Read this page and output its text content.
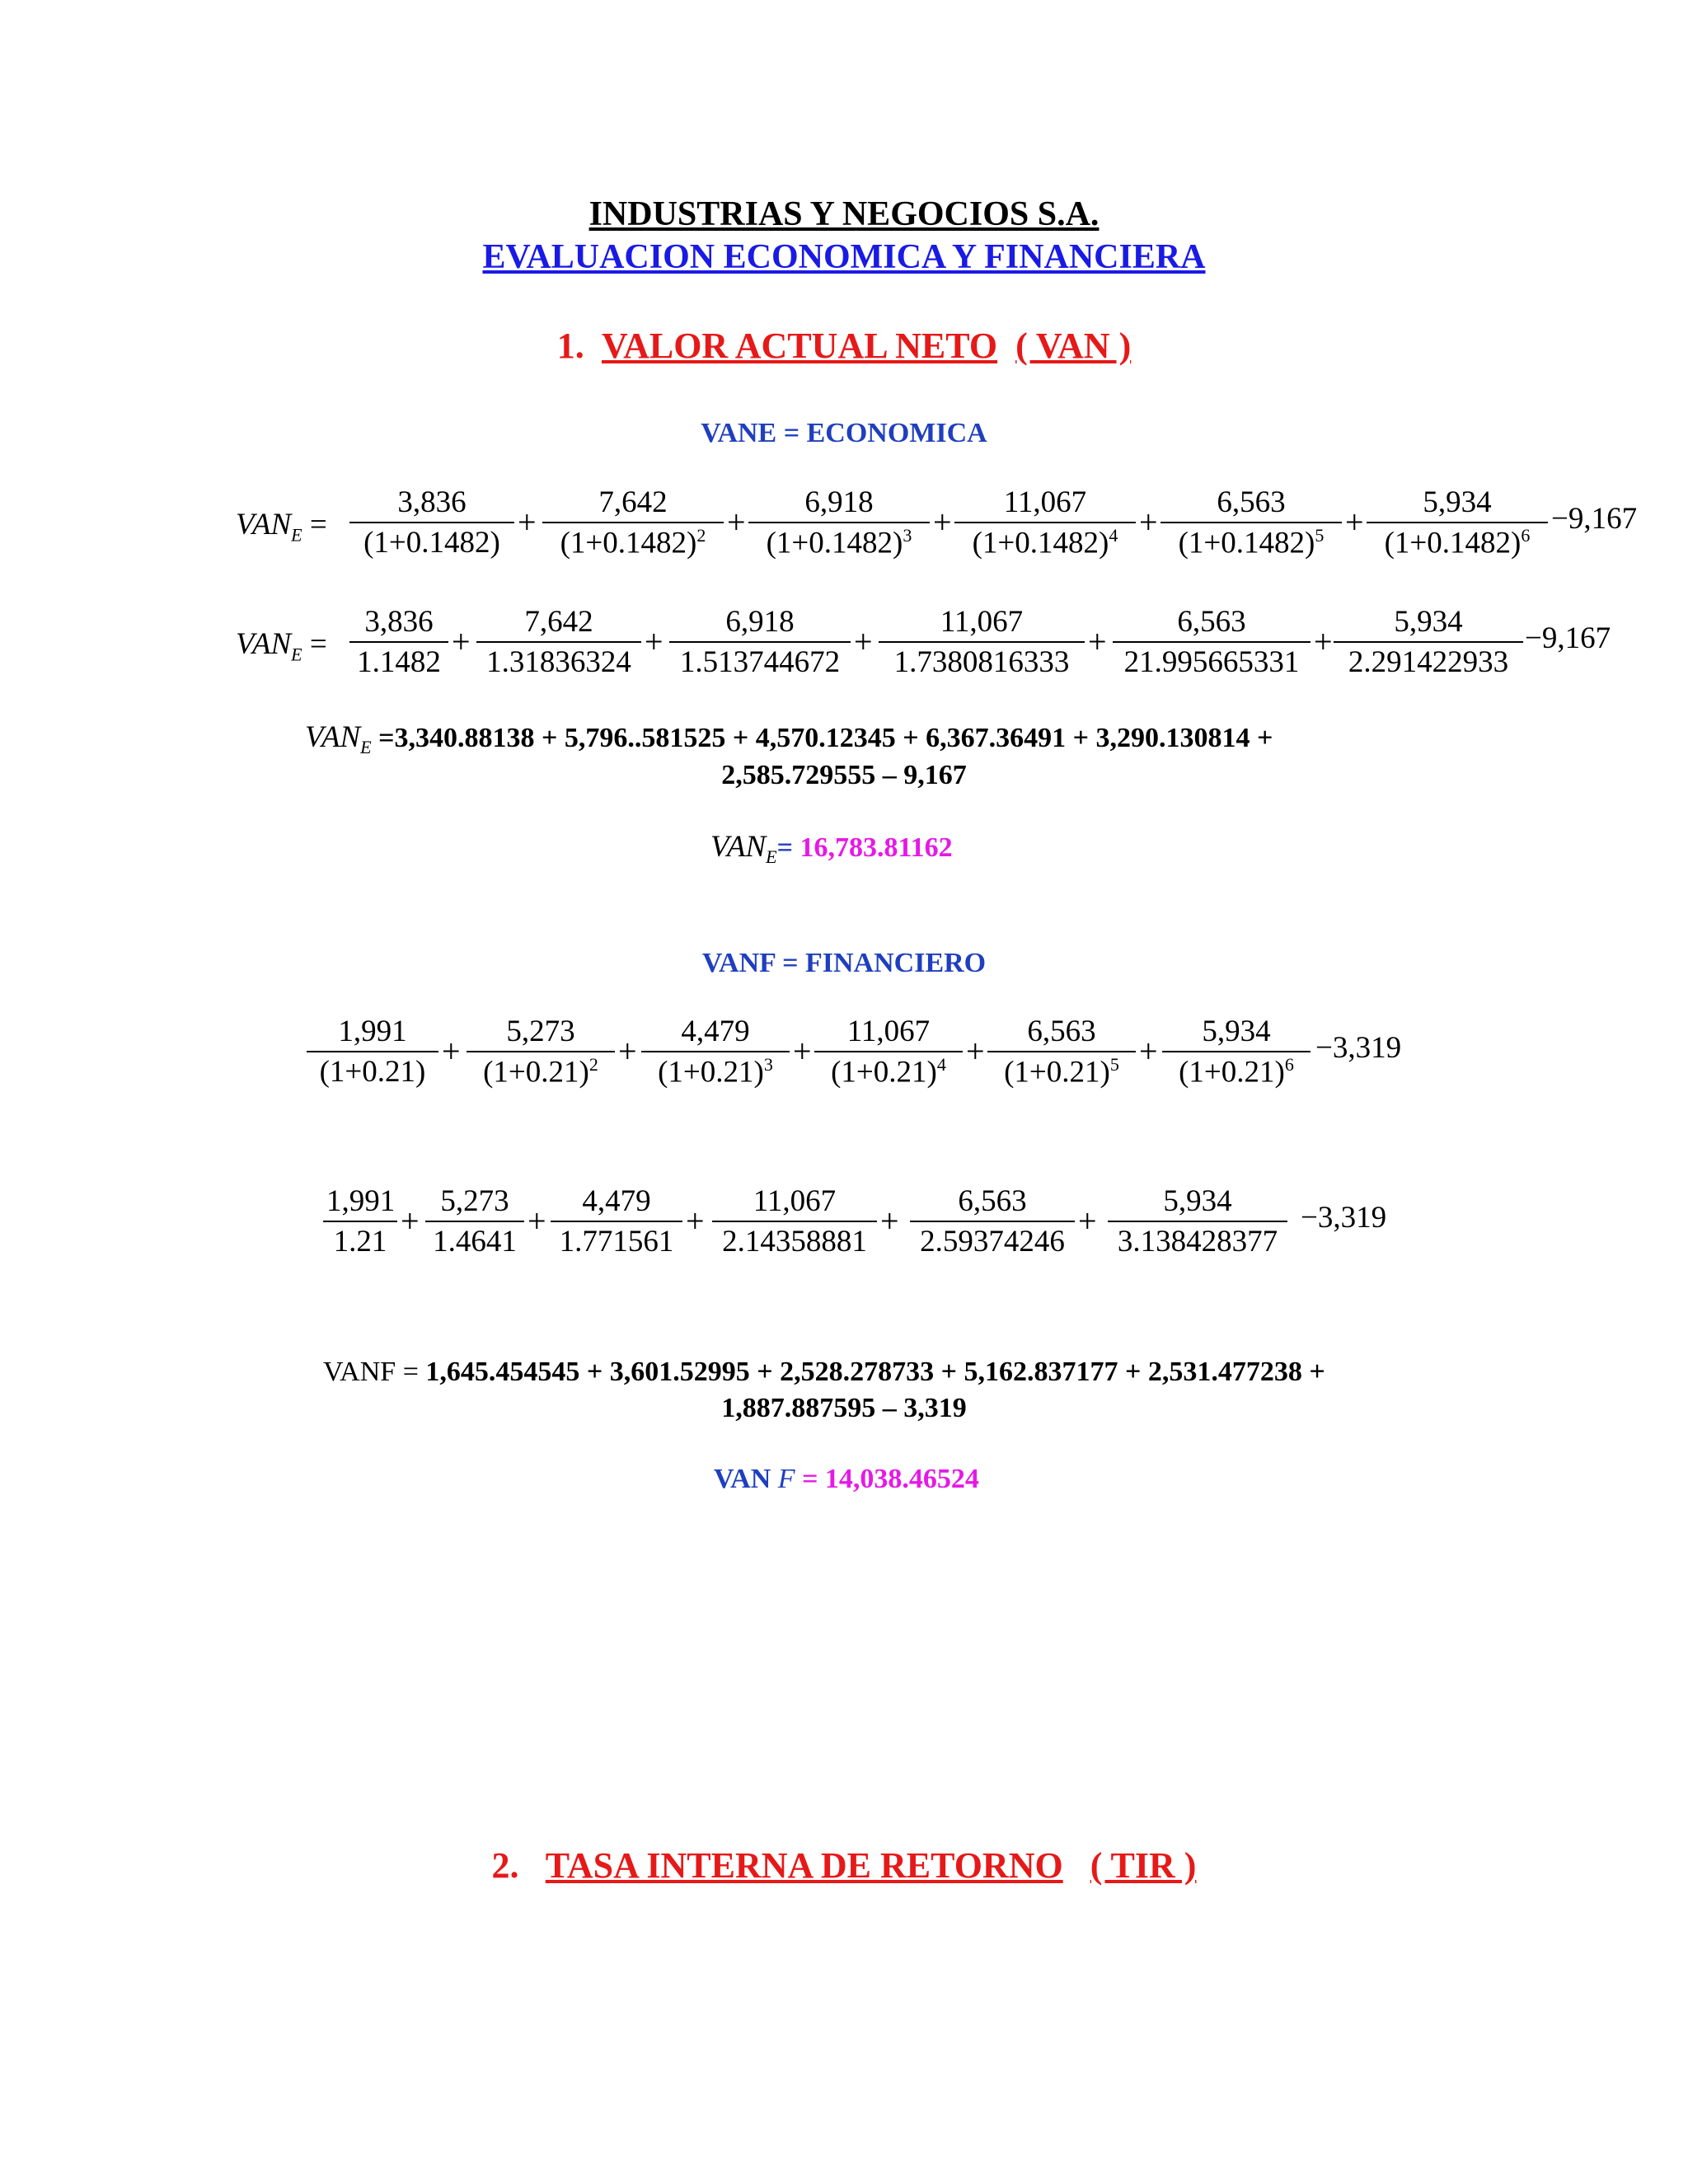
INDUSTRIAS Y NEGOCIOS S.A.
EVALUACION ECONOMICA Y FINANCIERA
1. VALOR ACTUAL NETO ( VAN )
VANE = ECONOMICA
$VAN_E = \frac{3,836}{(1+0.1482)} + \frac{7,642}{(1+0.1482)^2} + \frac{6,918}{(1+0.1482)^3} + \frac{11,067}{(1+0.1482)^4} + \frac{6,563}{(1+0.1482)^5} + \frac{5,934}{(1+0.1482)^6} -9,167$
$VAN_E = \frac{3,836}{1.1482} + \frac{7,642}{1.31836324} + \frac{6,918}{1.513744672} + \frac{11,067}{1.7380816333} + \frac{6,563}{21.995665331} + \frac{5,934}{2.291422933} -9,167$
$VAN_E =3,340.88138 + 5,796..581525 + 4,570.12345 + 6,367.36491 + 3,290.130814$ +
2,585.729555 – 9,167
$VAN_E= 16,783.81162$
VANF = FINANCIERO
$\frac{1,991}{(1+0.21)} + \frac{5,273}{(1+0.21)^2} + \frac{4,479}{(1+0.21)^3} + \frac{11,067}{(1+0.21)^4} + \frac{6,563}{(1+0.21)^5} + \frac{5,934}{(1+0.21)^6} -3,319$
$\frac{1,991}{1.21} + \frac{5,273}{1.4641} + \frac{4,479}{1.771561} + \frac{11,067}{2.14358881} + \frac{6,563}{2.59374246} + \frac{5,934}{3.138428377} -3,319$
VANF = 1,645.454545 + 3,601.52995 + 2,528.278733 + 5,162.837177 + 2,531.477238 +
1,887.887595 – 3,319
VAN F = 14,038.46524
2. TASA INTERNA DE RETORNO ( TIR )
